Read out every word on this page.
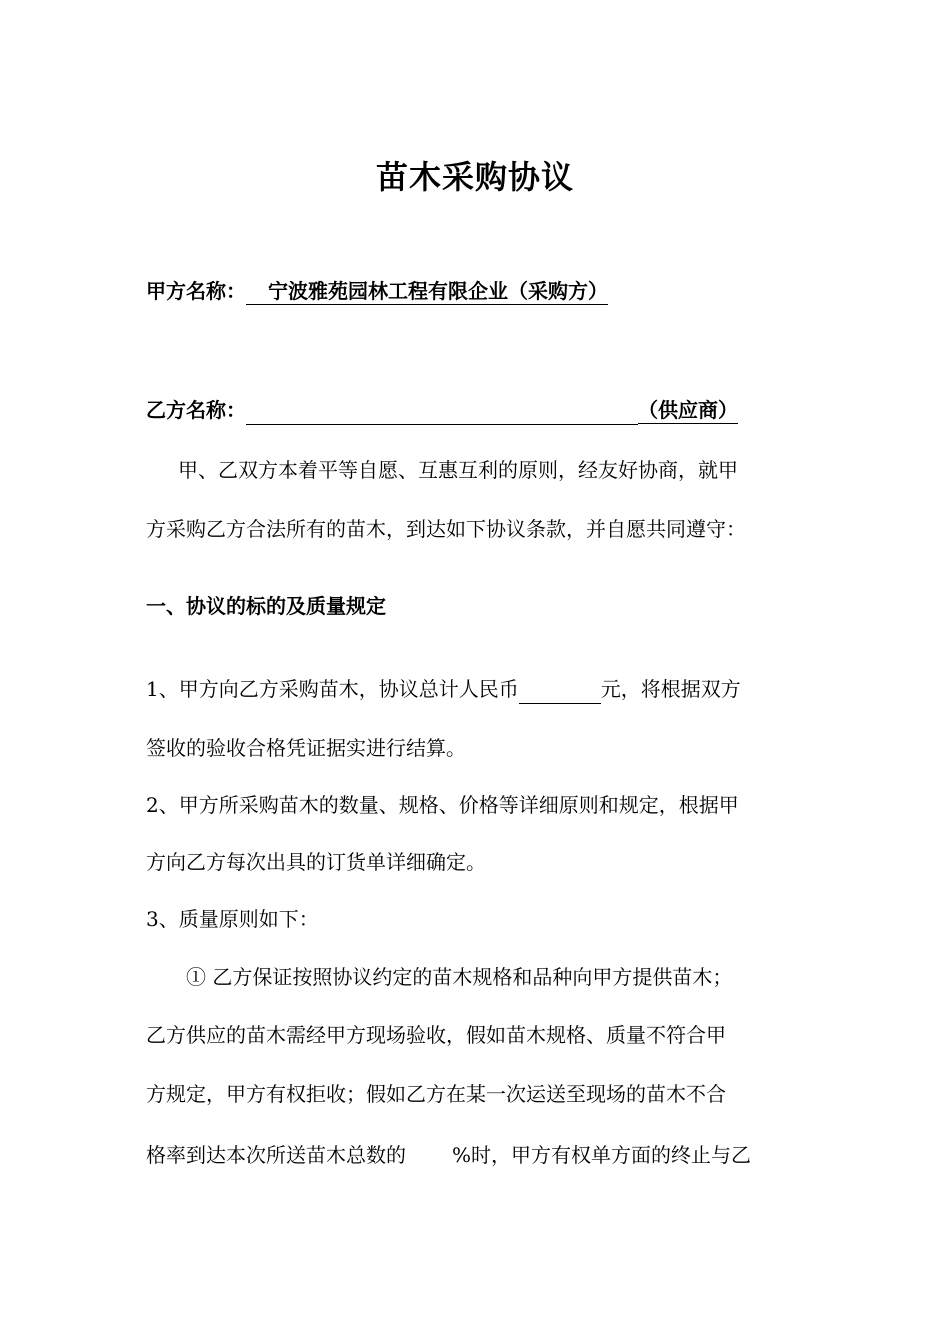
苗木采购协议
甲方名称： 宁波雅苑园林工程有限企业（采购方）
乙方名称：	（供应商）
甲、乙双方本着平等自愿、互惠互利的原则，经友好协商，就甲
方采购乙方合法所有的苗木，到达如下协议条款，并自愿共同遵守：
一、协议的标的及质量规定
1、甲方向乙方采购苗木，协议总计人民币	元，将根据双方
签收的验收合格凭证据实进行结算。
2、甲方所采购苗木的数量、规格、价格等详细原则和规定，根据甲
方向乙方每次出具的订货单详细确定。
3、质量原则如下：
① 乙方保证按照协议约定的苗木规格和品种向甲方提供苗木；
乙方供应的苗木需经甲方现场验收，假如苗木规格、质量不符合甲
方规定，甲方有权拒收；假如乙方在某一次运送至现场的苗木不合
格率到达本次所送苗木总数的 %时，甲方有权单方面的终止与乙
